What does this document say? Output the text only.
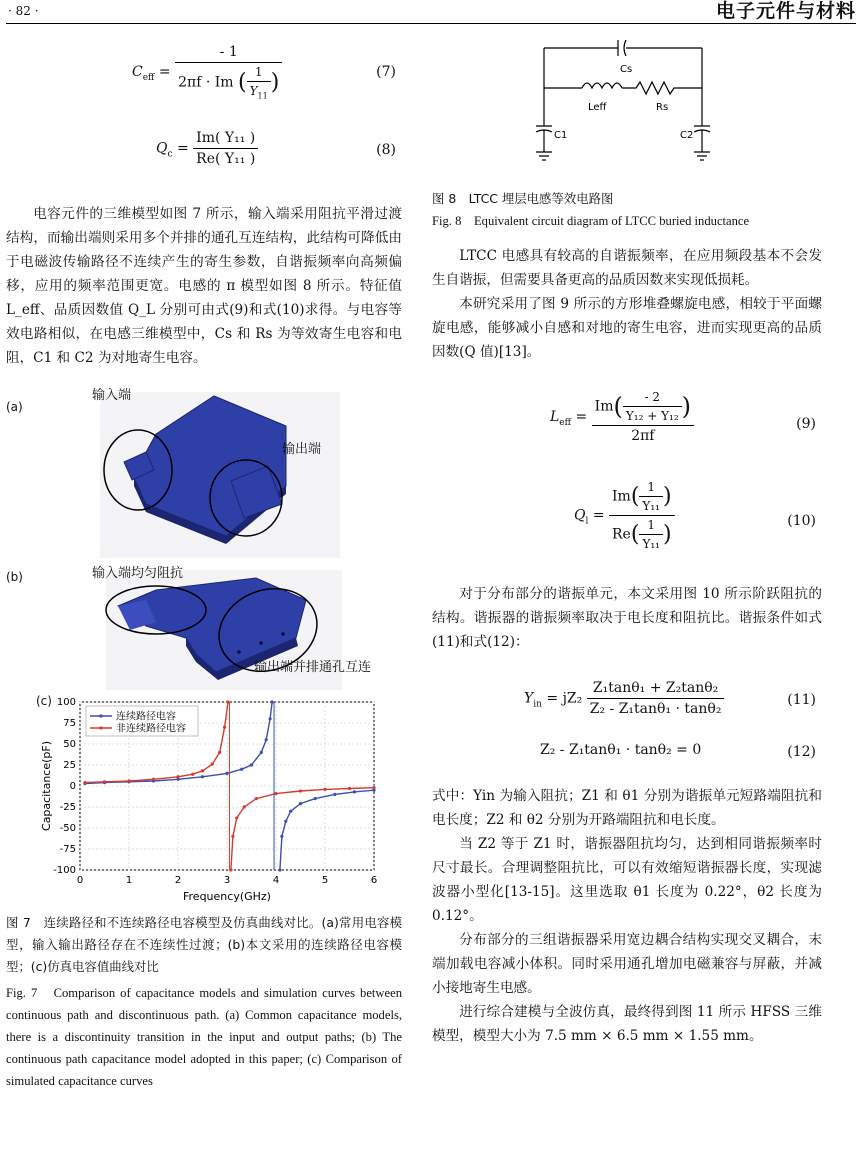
· 82 ·	电子元件与材料
$C_{eff} = \frac{- 1}{2\pi f \cdot Im ( \frac{1}{Y_{11}} )}$	(7)
$Q_c = \frac{\text{Im( Y₁₁ )}}{\text{Re( Y₁₁ )}}$	(8)

电容元件的三维模型如图 7 所示，输入端采用阻抗平滑过渡结构，而输出端则采用多个并排的通孔互连结构，此结构可降低由于电磁波传输路径不连续产生的寄生参数，自谐振频率向高频偏移，应用的频率范围更宽。电感的 π 模型如图 8 所示。特征值 L_eff、品质因数值 Q_L 分别可由式(9)和式(10)求得。与电容等效电路相似，在电感三维模型中，Cs 和 Rs 为等效寄生电容和电阻，C1 和 C2 为对地寄生电容。

(a)
输入端
输出端
(b)	输入端均匀阻抗
输出端并排通孔互连
(c)
0	1	2	3	4	5	6
100
75
50
25
0
-25
-50
-75
-100
Frequency(GHz)
Capacitance(pF)
连续路径电容
非连续路径电容

图 7　连续路径和不连续路径电容模型及仿真曲线对比。(a)常用电容模型，输入输出路径存在不连续性过渡；(b)本文采用的连续路径电容模型；(c)仿真电容值曲线对比

Fig. 7　Comparison of capacitance models and simulation curves between continuous path and discontinuous path. (a) Common capacitance models, there is a discontinuity transition in the input and output paths; (b) The continuous path capacitance model adopted in this paper; (c) Comparison of simulated capacitance curves

Cs
Leff	Rs
C1	C2

图 8　LTCC 埋层电感等效电路图

Fig. 8　Equivalent circuit diagram of LTCC buried inductance

LTCC 电感具有较高的自谐振频率，在应用频段基本不会发生自谐振，但需要具备更高的品质因数来实现低损耗。

本研究采用了图 9 所示的方形堆叠螺旋电感，相较于平面螺旋电感，能够减小自感和对地的寄生电容，进而实现更高的品质因数(Q 值)[13]。

$L_{eff} = \frac{Im( \frac{- 2}{\text{Y₁₂ + Y₁₂}} )}{2\pi f}$	(9)
$Q_l = \frac{Im( \frac{1}{\text{Y₁₁}} )}{Re( \frac{1}{\text{Y₁₁}} )}$	(10)

对于分布部分的谐振单元，本文采用图 10 所示阶跃阻抗的结构。谐振器的谐振频率取决于电长度和阻抗比。谐振条件如式(11)和式(12)：

$Y_{in} = jZ_2 \frac{\text{Z₁tanθ₁ + Z₂tanθ₂}}{\text{Z₂ - Z₁tanθ₁ · tanθ₂}}$	(11)
Z₂ - Z₁tanθ₁ · tanθ₂ = 0	(12)

式中：Yin 为输入阻抗；Z1 和 θ1 分别为谐振单元短路端阻抗和电长度；Z2 和 θ2 分别为开路端阻抗和电长度。

当 Z2 等于 Z1 时，谐振器阻抗均匀，达到相同谐振频率时尺寸最长。合理调整阻抗比，可以有效缩短谐振器长度，实现滤波器小型化[13-15]。这里选取 θ1 长度为 0.22°，θ2 长度为 0.12°。

分布部分的三组谐振器采用宽边耦合结构实现交叉耦合，末端加载电容减小体积。同时采用通孔增加电磁兼容与屏蔽，并减小接地寄生电感。

进行综合建模与全波仿真，最终得到图 11 所示 HFSS 三维模型，模型大小为 7.5 mm × 6.5 mm × 1.55 mm。
